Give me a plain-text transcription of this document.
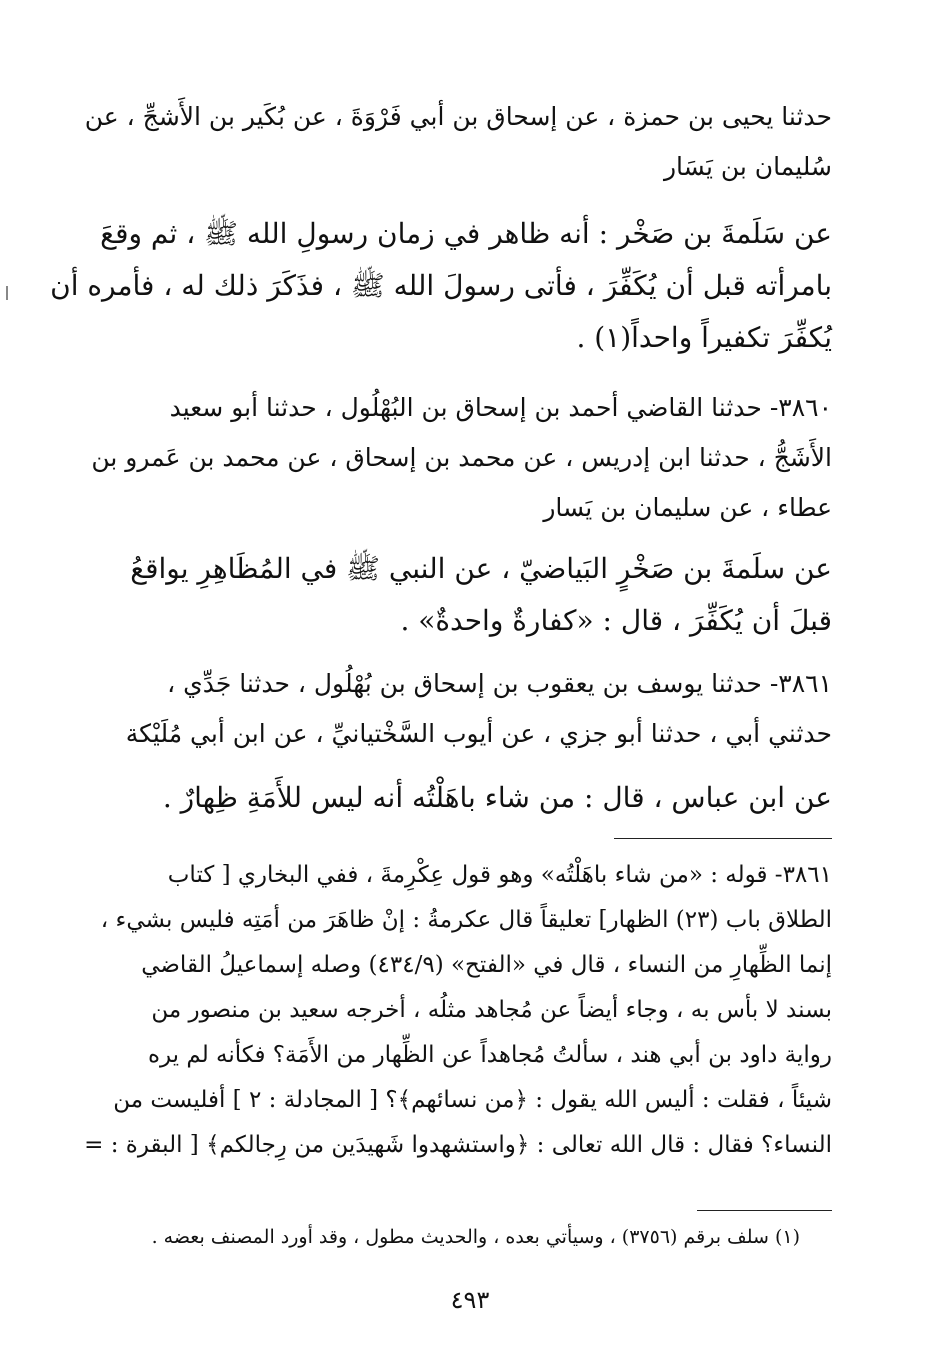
حدثنا يحيى بن حمزة ، عن إسحاق بن أبي فَرْوَةَ ، عن بُكَير بن الأَشجِّ ، عن
سُليمان بن يَسَار
عن سَلَمةَ بن صَخْر : أنه ظاهر في زمان رسولِ الله ﷺ ، ثم وقعَ
بامرأته قبل أن يُكَفِّرَ ، فأتى رسولَ الله ﷺ ، فذَكَرَ ذلك له ، فأمره أن
يُكفِّرَ تكفيراً واحداً(١) .
٣٨٦٠- حدثنا القاضي أحمد بن إسحاق بن البُهْلُول ، حدثنا أبو سعيد
الأَشَجُّ ، حدثنا ابن إدريس ، عن محمد بن إسحاق ، عن محمد بن عَمرو بن
عطاء ، عن سليمان بن يَسار
عن سلَمةَ بن صَخْرٍ البَياضيّ ، عن النبي ﷺ في المُظَاهِرِ يواقعُ
قبلَ أن يُكَفِّرَ ، قال : «كفارةٌ واحدةٌ» .
٣٨٦١- حدثنا يوسف بن يعقوب بن إسحاق بن بُهْلُول ، حدثنا جَدِّي ،
حدثني أبي ، حدثنا أبو جزي ، عن أيوب السَّخْتيانيِّ ، عن ابن أبي مُلَيْكة
عن ابن عباس ، قال : من شاء باهَلْتُه أنه ليس للأَمَةِ ظِهارٌ .
٣٨٦١- قوله : «من شاء باهَلْتُه» وهو قول عِكْرِمةَ ، ففي البخاري [ كتاب
الطلاق باب (٢٣) الظهار] تعليقاً قال عكرمةُ : إنْ ظاهَرَ من أمَتِه فليس بشيء ،
إنما الظِّهارِ من النساء ، قال في «الفتح» (٤٣٤/٩) وصله إسماعيلُ القاضي
بسند لا بأس به ، وجاء أيضاً عن مُجاهد مثلُه ، أخرجه سعيد بن منصور من
رواية داود بن أبي هند ، سألتُ مُجاهداً عن الظِّهار من الأَمَة؟ فكأنه لم يره
شيئاً ، فقلت : أليس الله يقول : ﴿من نسائهم﴾؟ [ المجادلة : ٢ ] أفليست من
النساء؟ فقال : قال الله تعالى : ﴿واستشهدوا شَهيدَين من رِجالكم﴾ [ البقرة : =
(١) سلف برقم (٣٧٥٦) ، وسيأتي بعده ، والحديث مطول ، وقد أورد المصنف بعضه .
٤٩٣
